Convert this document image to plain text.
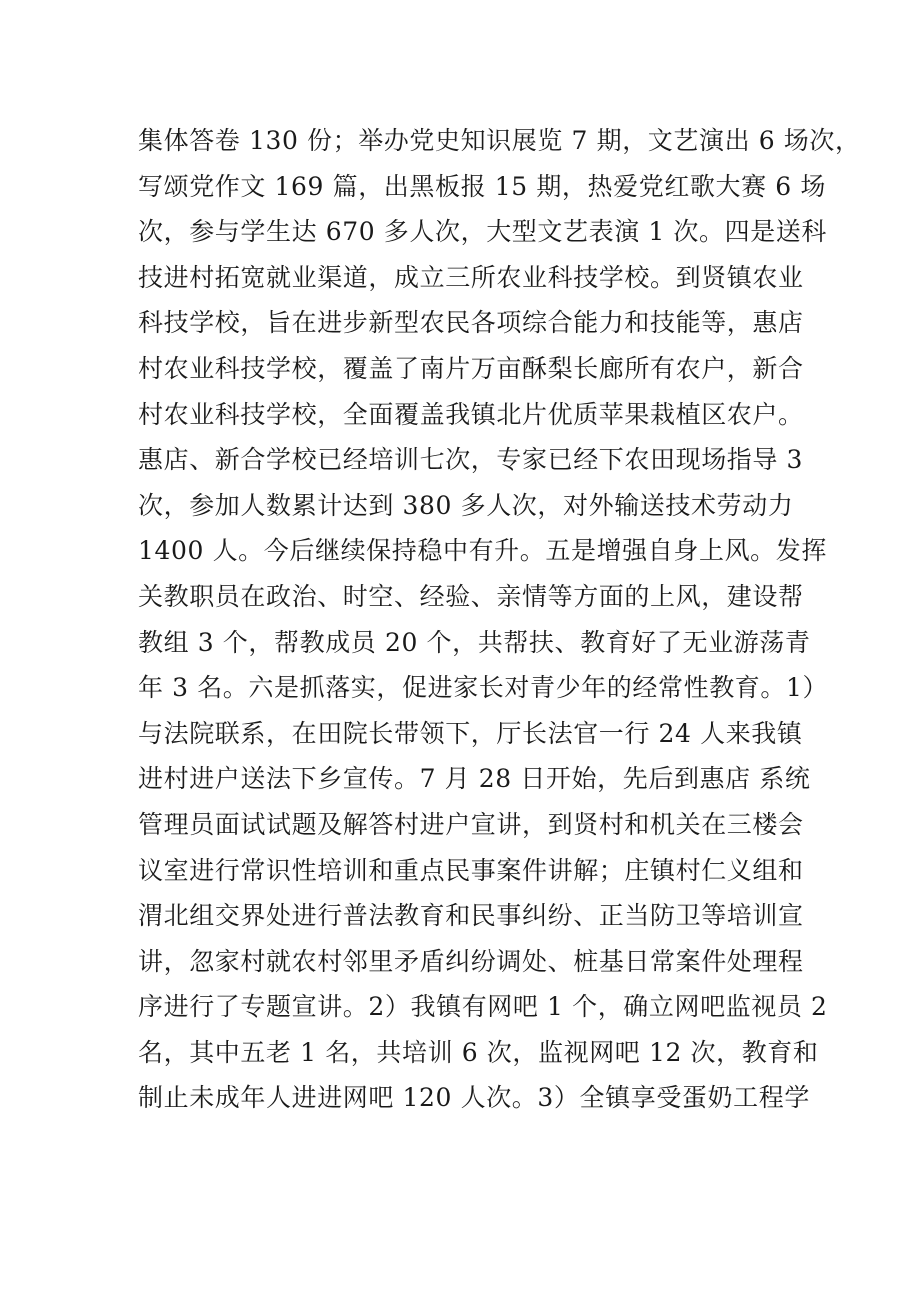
集体答卷 130 份；举办党史知识展览 7 期，文艺演出 6 场次，
写颂党作文 169 篇，出黑板报 15 期，热爱党红歌大赛 6 场
次，参与学生达 670 多人次，大型文艺表演 1 次。四是送科
技进村拓宽就业渠道，成立三所农业科技学校。到贤镇农业
科技学校，旨在进步新型农民各项综合能力和技能等，惠店
村农业科技学校，覆盖了南片万亩酥梨长廊所有农户，新合
村农业科技学校，全面覆盖我镇北片优质苹果栽植区农户。
惠店、新合学校已经培训七次，专家已经下农田现场指导 3
次，参加人数累计达到 380 多人次，对外输送技术劳动力
1400 人。今后继续保持稳中有升。五是增强自身上风。发挥
关教职员在政治、时空、经验、亲情等方面的上风，建设帮
教组 3 个，帮教成员 20 个，共帮扶、教育好了无业游荡青
年 3 名。六是抓落实，促进家长对青少年的经常性教育。1）
与法院联系，在田院长带领下，厅长法官一行 24 人来我镇
进村进户送法下乡宣传。7 月 28 日开始，先后到惠店 系统
管理员面试试题及解答村进户宣讲，到贤村和机关在三楼会
议室进行常识性培训和重点民事案件讲解；庄镇村仁义组和
渭北组交界处进行普法教育和民事纠纷、正当防卫等培训宣
讲，忽家村就农村邻里矛盾纠纷调处、桩基日常案件处理程
序进行了专题宣讲。2）我镇有网吧 1 个，确立网吧监视员 2
名，其中五老 1 名，共培训 6 次，监视网吧 12 次，教育和
制止未成年人进进网吧 120 人次。3）全镇享受蛋奶工程学
